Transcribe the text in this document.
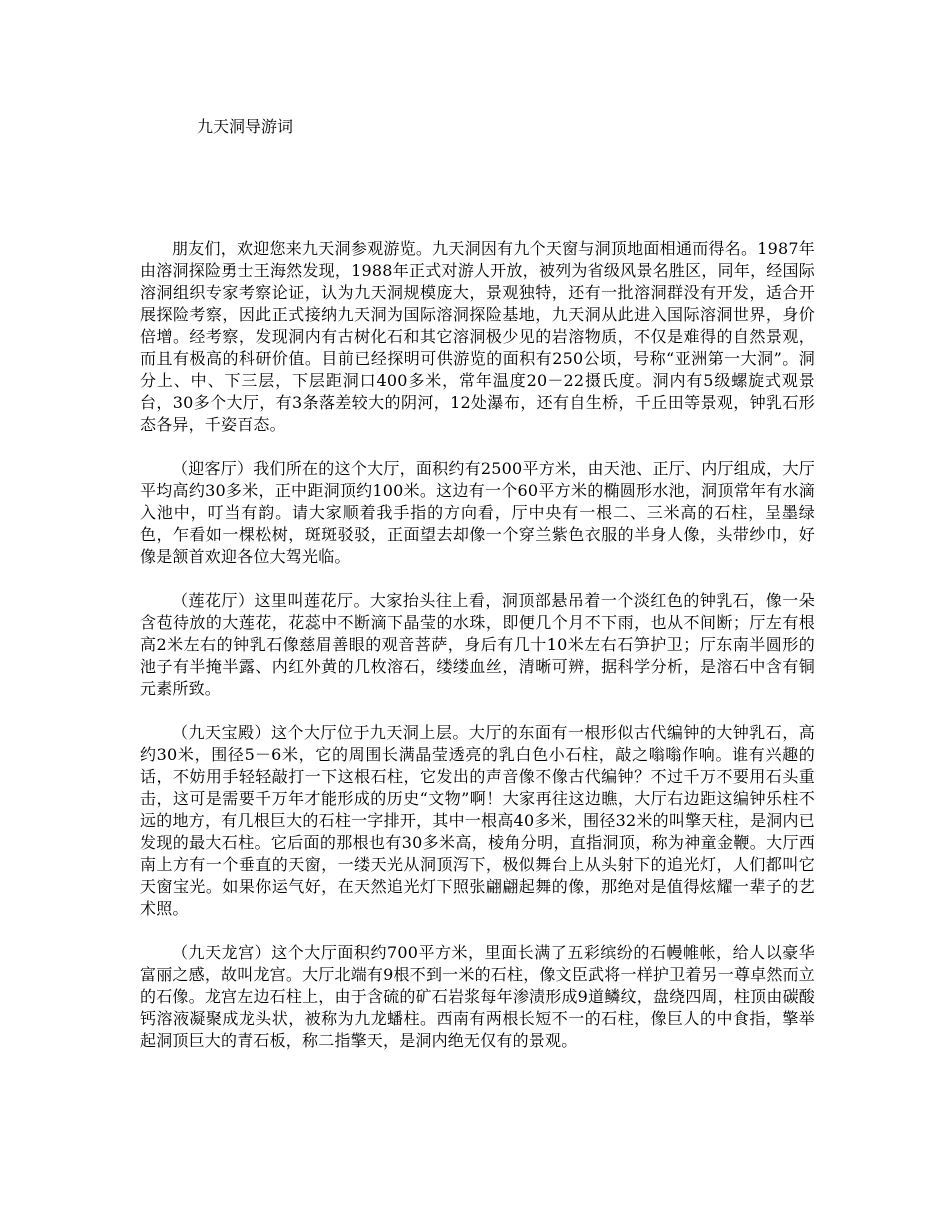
九天洞导游词

朋友们，欢迎您来九天洞参观游览。九天洞因有九个天窗与洞顶地面相通而得名。1987年由溶洞探险勇士王海然发现，1988年正式对游人开放，被列为省级风景名胜区，同年，经国际溶洞组织专家考察论证，认为九天洞规模庞大，景观独特，还有一批溶洞群没有开发，适合开展探险考察，因此正式接纳九天洞为国际溶洞探险基地，九天洞从此进入国际溶洞世界，身价倍增。经考察，发现洞内有古树化石和其它溶洞极少见的岩溶物质，不仅是难得的自然景观，而且有极高的科研价值。目前已经探明可供游览的面积有250公顷，号称“亚洲第一大洞”。洞分上、中、下三层，下层距洞口400多米，常年温度20－22摄氏度。洞内有5级螺旋式观景台，30多个大厅，有3条落差较大的阴河，12处瀑布，还有自生桥，千丘田等景观，钟乳石形态各异，千姿百态。

（迎客厅）我们所在的这个大厅，面积约有2500平方米，由天池、正厅、内厅组成，大厅平均高约30多米，正中距洞顶约100米。这边有一个60平方米的椭圆形水池，洞顶常年有水滴入池中，叮当有韵。请大家顺着我手指的方向看，厅中央有一根二、三米高的石柱，呈墨绿色，乍看如一棵松树，斑斑驳驳，正面望去却像一个穿兰紫色衣服的半身人像，头带纱巾，好像是颔首欢迎各位大驾光临。

（莲花厅）这里叫莲花厅。大家抬头往上看，洞顶部悬吊着一个淡红色的钟乳石，像一朵含苞待放的大莲花，花蕊中不断滴下晶莹的水珠，即便几个月不下雨，也从不间断；厅左有根高2米左右的钟乳石像慈眉善眼的观音菩萨，身后有几十10米左右石笋护卫；厅东南半圆形的池子有半掩半露、内红外黄的几枚溶石，缕缕血丝，清晰可辨，据科学分析，是溶石中含有铜元素所致。

（九天宝殿）这个大厅位于九天洞上层。大厅的东面有一根形似古代编钟的大钟乳石，高约30米，围径5－6米，它的周围长满晶莹透亮的乳白色小石柱，敲之嗡嗡作响。谁有兴趣的话，不妨用手轻轻敲打一下这根石柱，它发出的声音像不像古代编钟？不过千万不要用石头重击，这可是需要千万年才能形成的历史“文物”啊！大家再往这边瞧，大厅右边距这编钟乐柱不远的地方，有几根巨大的石柱一字排开，其中一根高40多米，围径32米的叫擎天柱，是洞内已发现的最大石柱。它后面的那根也有30多米高，棱角分明，直指洞顶，称为神童金鞭。大厅西南上方有一个垂直的天窗，一缕天光从洞顶泻下，极似舞台上从头射下的追光灯，人们都叫它天窗宝光。如果你运气好，在天然追光灯下照张翩翩起舞的像，那绝对是值得炫耀一辈子的艺术照。

（九天龙宫）这个大厅面积约700平方米，里面长满了五彩缤纷的石幔帷帐，给人以豪华富丽之感，故叫龙宫。大厅北端有9根不到一米的石柱，像文臣武将一样护卫着另一尊卓然而立的石像。龙宫左边石柱上，由于含硫的矿石岩浆每年渗渍形成9道鳞纹，盘绕四周，柱顶由碳酸钙溶液凝聚成龙头状，被称为九龙蟠柱。西南有两根长短不一的石柱，像巨人的中食指，擎举起洞顶巨大的青石板，称二指擎天，是洞内绝无仅有的景观。
